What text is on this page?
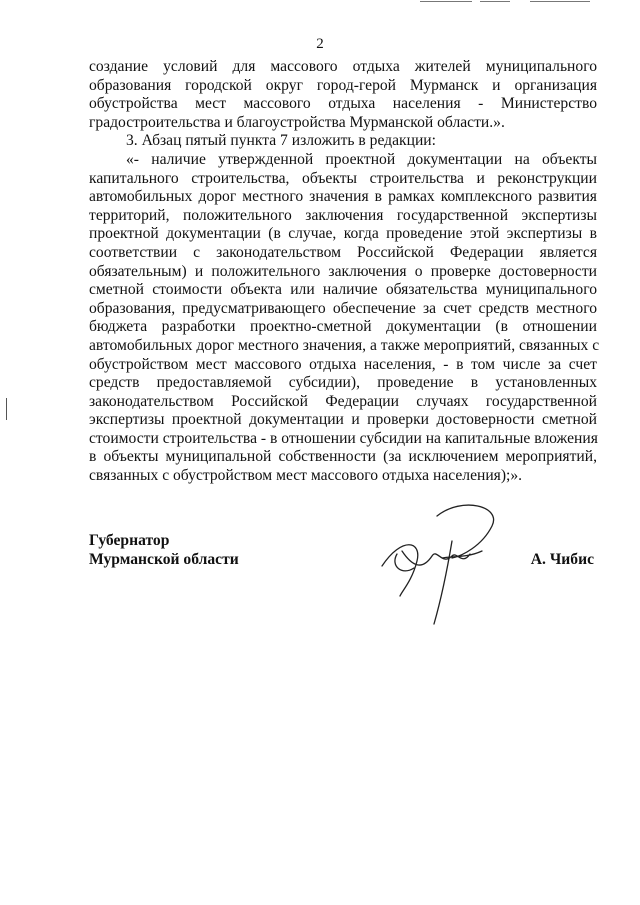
2
создание условий для массового отдыха жителей муниципального
образования городской округ город-герой Мурманск и организация
обустройства мест массового отдыха населения - Министерство
градостроительства и благоустройства Мурманской области.».
3. Абзац пятый пункта 7 изложить в редакции:
«- наличие утвержденной проектной документации на объекты
капитального строительства, объекты строительства и реконструкции
автомобильных дорог местного значения в рамках комплексного развития
территорий, положительного заключения государственной экспертизы
проектной документации (в случае, когда проведение этой экспертизы в
соответствии с законодательством Российской Федерации является
обязательным) и положительного заключения о проверке достоверности
сметной стоимости объекта или наличие обязательства муниципального
образования, предусматривающего обеспечение за счет средств местного
бюджета разработки проектно-сметной документации (в отношении
автомобильных дорог местного значения, а также мероприятий, связанных с
обустройством мест массового отдыха населения, - в том числе за счет
средств предоставляемой субсидии), проведение в установленных
законодательством Российской Федерации случаях государственной
экспертизы проектной документации и проверки достоверности сметной
стоимости строительства - в отношении субсидии на капитальные вложения
в объекты муниципальной собственности (за исключением мероприятий,
связанных с обустройством мест массового отдыха населения);».
Губернатор
Мурманской области	А. Чибис
